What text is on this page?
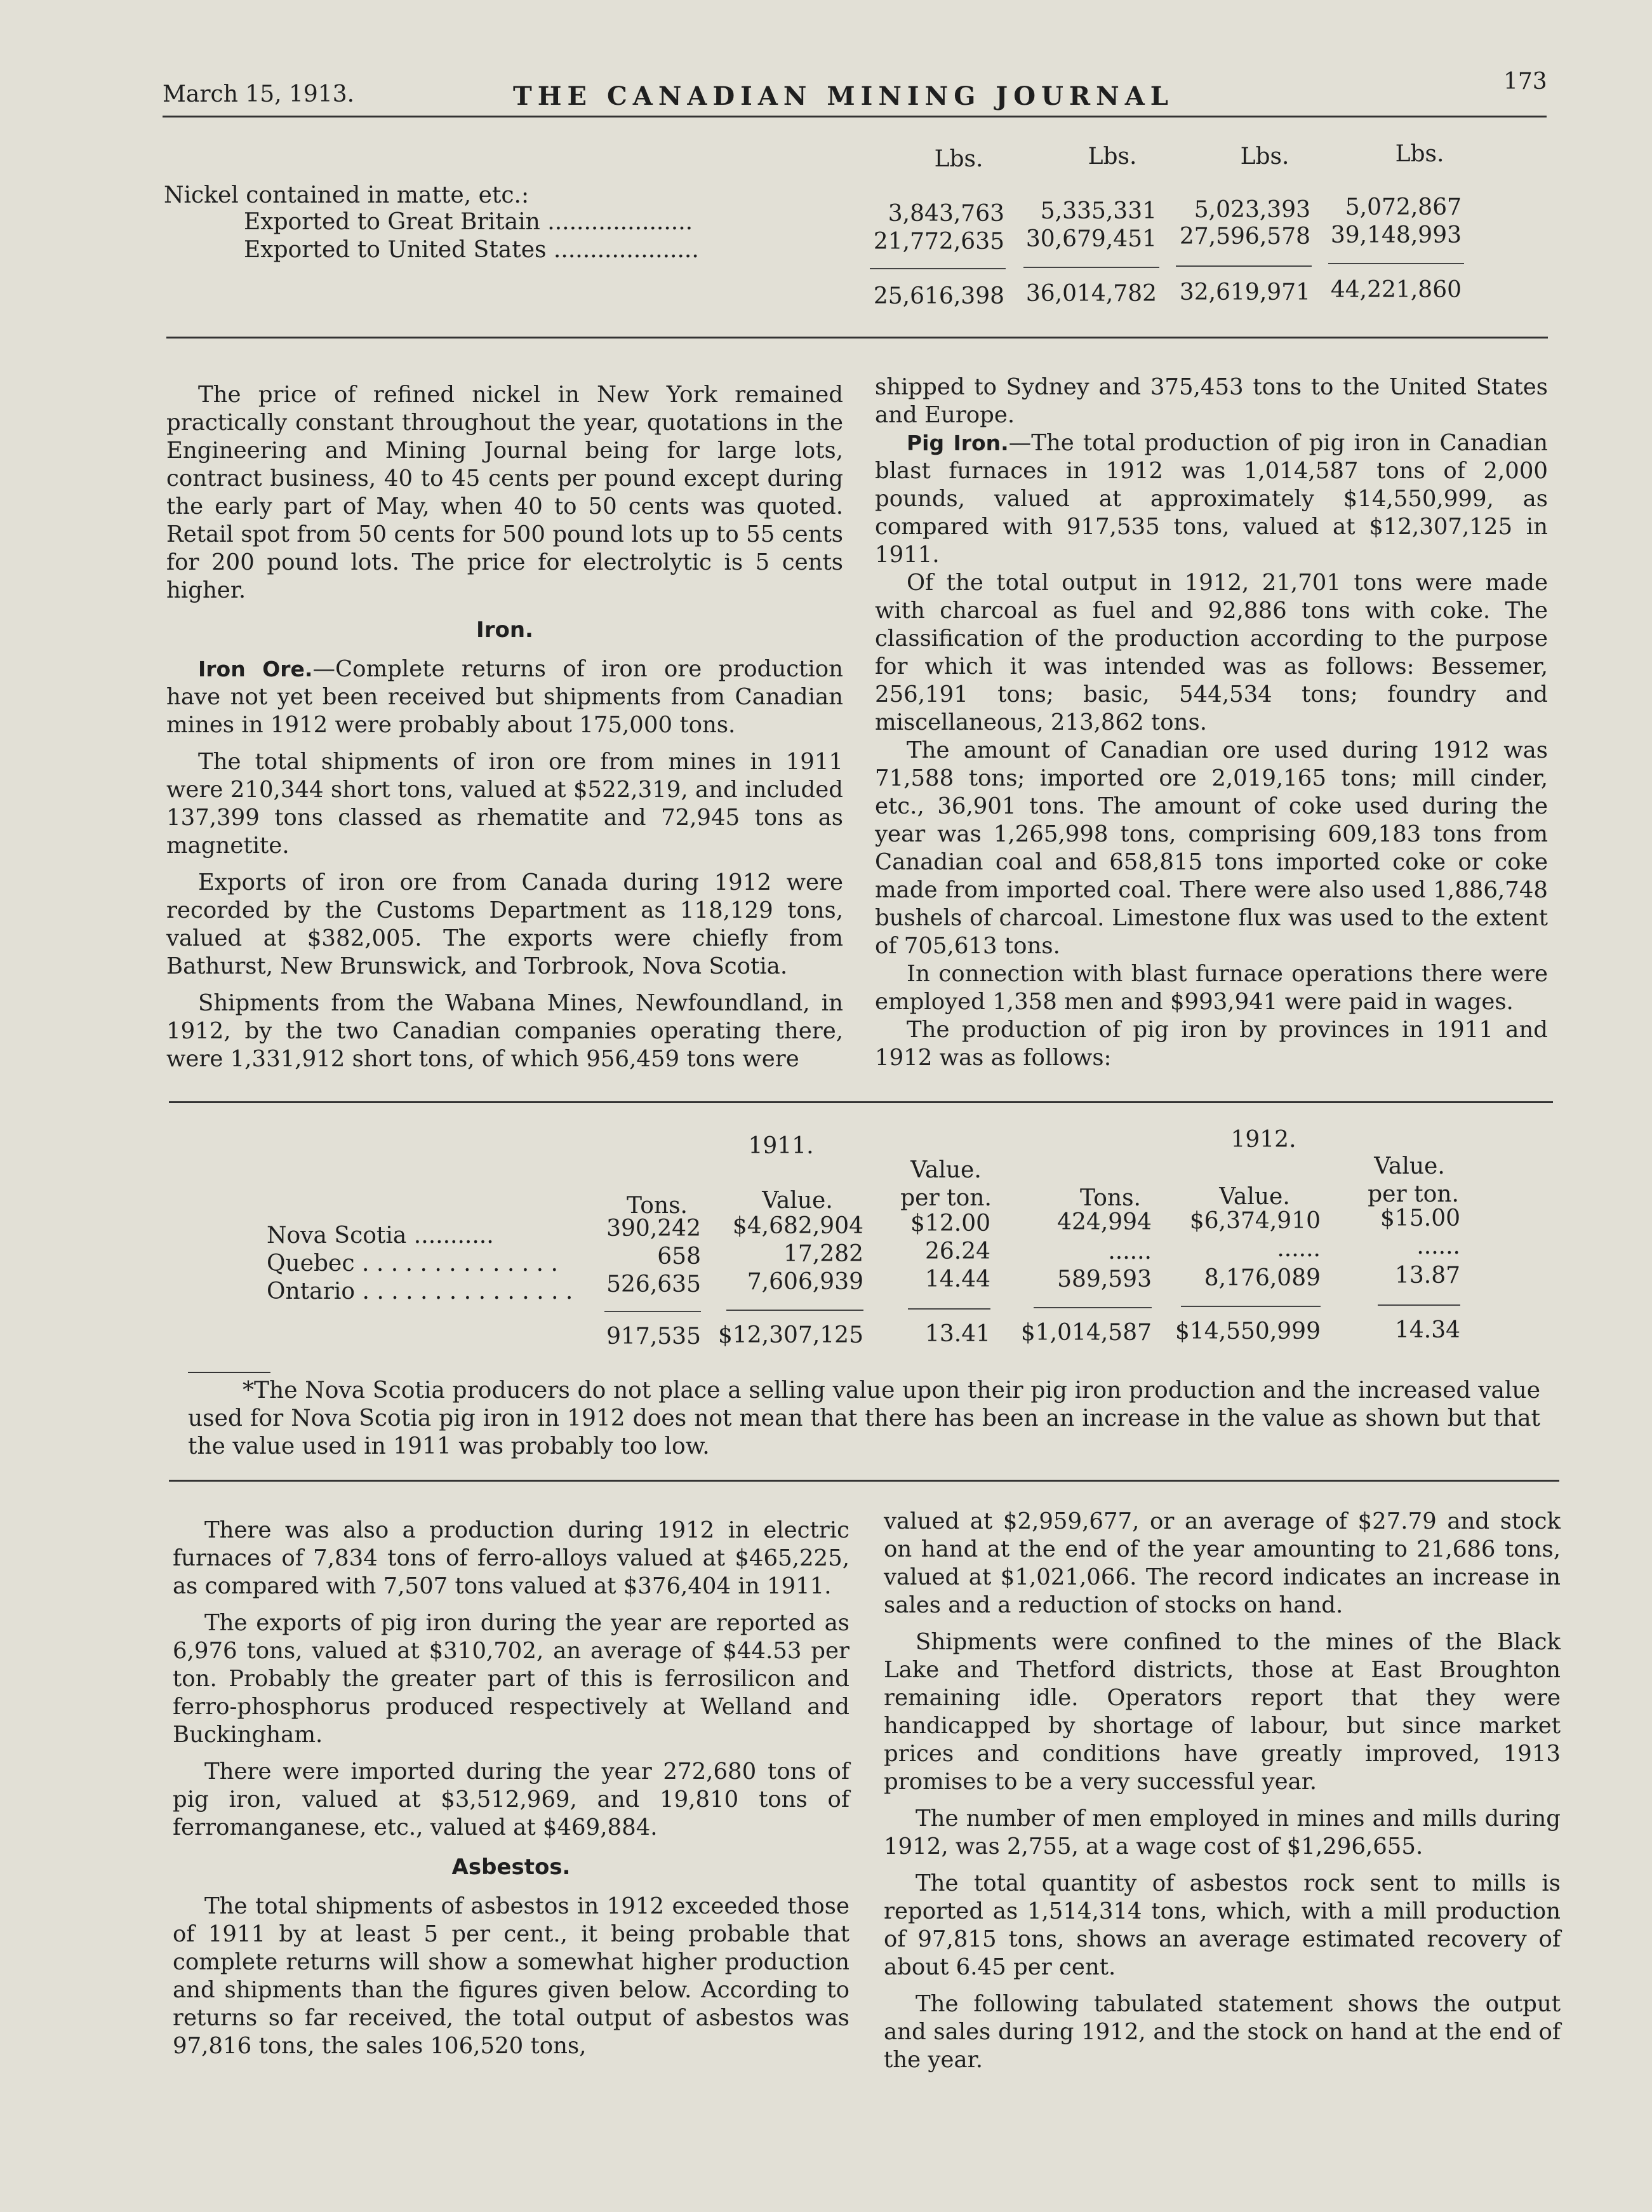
March 15, 1913.	THE CANADIAN MINING JOURNAL	173
Lbs.	Lbs.	Lbs.	Lbs.
Nickel contained in matte, etc.:
Exported to Great Britain ....................
Exported to United States ....................
3,843,763	5,335,331	5,023,393	5,072,867
21,772,635 30,679,451 27,596,578 39,148,993
25,616,398 36,014,782 32,619,971 44,221,860

The price of refined nickel in New York remained practically constant throughout the year, quotations in the Engineering and Mining Journal being for large lots, contract business, 40 to 45 cents per pound except during the early part of May, when 40 to 50 cents was quoted. Retail spot from 50 cents for 500 pound lots up to 55 cents for 200 pound lots. The price for electrolytic is 5 cents higher.

Iron.

Iron Ore.—Complete returns of iron ore production have not yet been received but shipments from Canadian mines in 1912 were probably about 175,000 tons.

The total shipments of iron ore from mines in 1911 were 210,344 short tons, valued at $522,319, and included 137,399 tons classed as rhematite and 72,945 tons as magnetite.

Exports of iron ore from Canada during 1912 were recorded by the Customs Department as 118,129 tons, valued at $382,005. The exports were chiefly from Bathurst, New Brunswick, and Torbrook, Nova Scotia.

Shipments from the Wabana Mines, Newfoundland, in 1912, by the two Canadian companies operating there, were 1,331,912 short tons, of which 956,459 tons were

shipped to Sydney and 375,453 tons to the United States and Europe.

Pig Iron.—The total production of pig iron in Canadian blast furnaces in 1912 was 1,014,587 tons of 2,000 pounds, valued at approximately $14,550,999, as compared with 917,535 tons, valued at $12,307,125 in 1911.

Of the total output in 1912, 21,701 tons were made with charcoal as fuel and 92,886 tons with coke. The classification of the production according to the purpose for which it was intended was as follows: Bessemer, 256,191 tons; basic, 544,534 tons; foundry and miscellaneous, 213,862 tons.

The amount of Canadian ore used during 1912 was 71,588 tons; imported ore 2,019,165 tons; mill cinder, etc., 36,901 tons. The amount of coke used during the year was 1,265,998 tons, comprising 609,183 tons from Canadian coal and 658,815 tons imported coke or coke made from imported coal. There were also used 1,886,748 bushels of charcoal. Limestone flux was used to the extent of 705,613 tons.

In connection with blast furnace operations there were employed 1,358 men and $993,941 were paid in wages.

The production of pig iron by provinces in 1911 and 1912 was as follows:

1911.	1912.
Value.	Value.
Tons.	Value.	per ton.	Tons.	Value.	per ton.
Nova Scotia ...........	390,242	$4,682,904	$12.00	424,994	$6,374,910	$15.00
Quebec . . . . . . . . . . . . . .	658	17,282	26.24	......	......	......
Ontario . . . . . . . . . . . . . . .	526,635	7,606,939	14.44	589,593	8,176,089	13.87
917,535 $12,307,125	13.41 $1,014,587	$14,550,999	14.34

*The Nova Scotia producers do not place a selling value upon their pig iron production and the increased value used for Nova Scotia pig iron in 1912 does not mean that there has been an increase in the value as shown but that the value used in 1911 was probably too low.

There was also a production during 1912 in electric furnaces of 7,834 tons of ferro-alloys valued at $465,225, as compared with 7,507 tons valued at $376,404 in 1911.

The exports of pig iron during the year are reported as 6,976 tons, valued at $310,702, an average of $44.53 per ton. Probably the greater part of this is ferrosilicon and ferro-phosphorus produced respectively at Welland and Buckingham.

There were imported during the year 272,680 tons of pig iron, valued at $3,512,969, and 19,810 tons of ferromanganese, etc., valued at $469,884.

Asbestos.

The total shipments of asbestos in 1912 exceeded those of 1911 by at least 5 per cent., it being probable that complete returns will show a somewhat higher production and shipments than the figures given below. According to returns so far received, the total output of asbestos was 97,816 tons, the sales 106,520 tons,

valued at $2,959,677, or an average of $27.79 and stock on hand at the end of the year amounting to 21,686 tons, valued at $1,021,066. The record indicates an increase in sales and a reduction of stocks on hand.

Shipments were confined to the mines of the Black Lake and Thetford districts, those at East Broughton remaining idle. Operators report that they were handicapped by shortage of labour, but since market prices and conditions have greatly improved, 1913 promises to be a very successful year.

The number of men employed in mines and mills during 1912, was 2,755, at a wage cost of $1,296,655.

The total quantity of asbestos rock sent to mills is reported as 1,514,314 tons, which, with a mill production of 97,815 tons, shows an average estimated recovery of about 6.45 per cent.

The following tabulated statement shows the output and sales during 1912, and the stock on hand at the end of the year.
